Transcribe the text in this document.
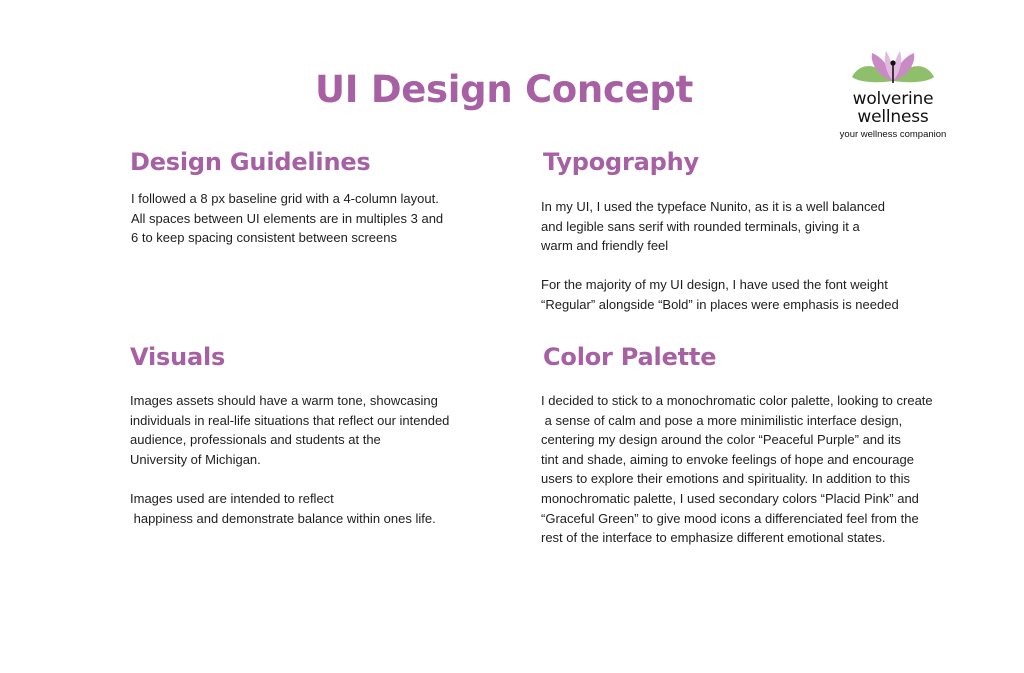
UI Design Concept	wolverine
wellness
your wellness companion
Design Guidelines
I followed a 8 px baseline grid with a 4-column layout.
All spaces between UI elements are in multiples 3 and
6 to keep spacing consistent between screens
Typography
In my UI, I used the typeface Nunito, as it is a well balanced
and legible sans serif with rounded terminals, giving it a
warm and friendly feel
For the majority of my UI design, I have used the font weight
“Regular” alongside “Bold” in places were emphasis is needed
Visuals
Images assets should have a warm tone, showcasing
individuals in real-life situations that reflect our intended
audience, professionals and students at the
University of Michigan.
Images used are intended to reflect
happiness and demonstrate balance within ones life.
Color Palette
I decided to stick to a monochromatic color palette, looking to create
a sense of calm and pose a more minimilistic interface design,
centering my design around the color “Peaceful Purple” and its
tint and shade, aiming to envoke feelings of hope and encourage
users to explore their emotions and spirituality. In addition to this
monochromatic palette, I used secondary colors “Placid Pink” and
“Graceful Green” to give mood icons a differenciated feel from the
rest of the interface to emphasize different emotional states.
